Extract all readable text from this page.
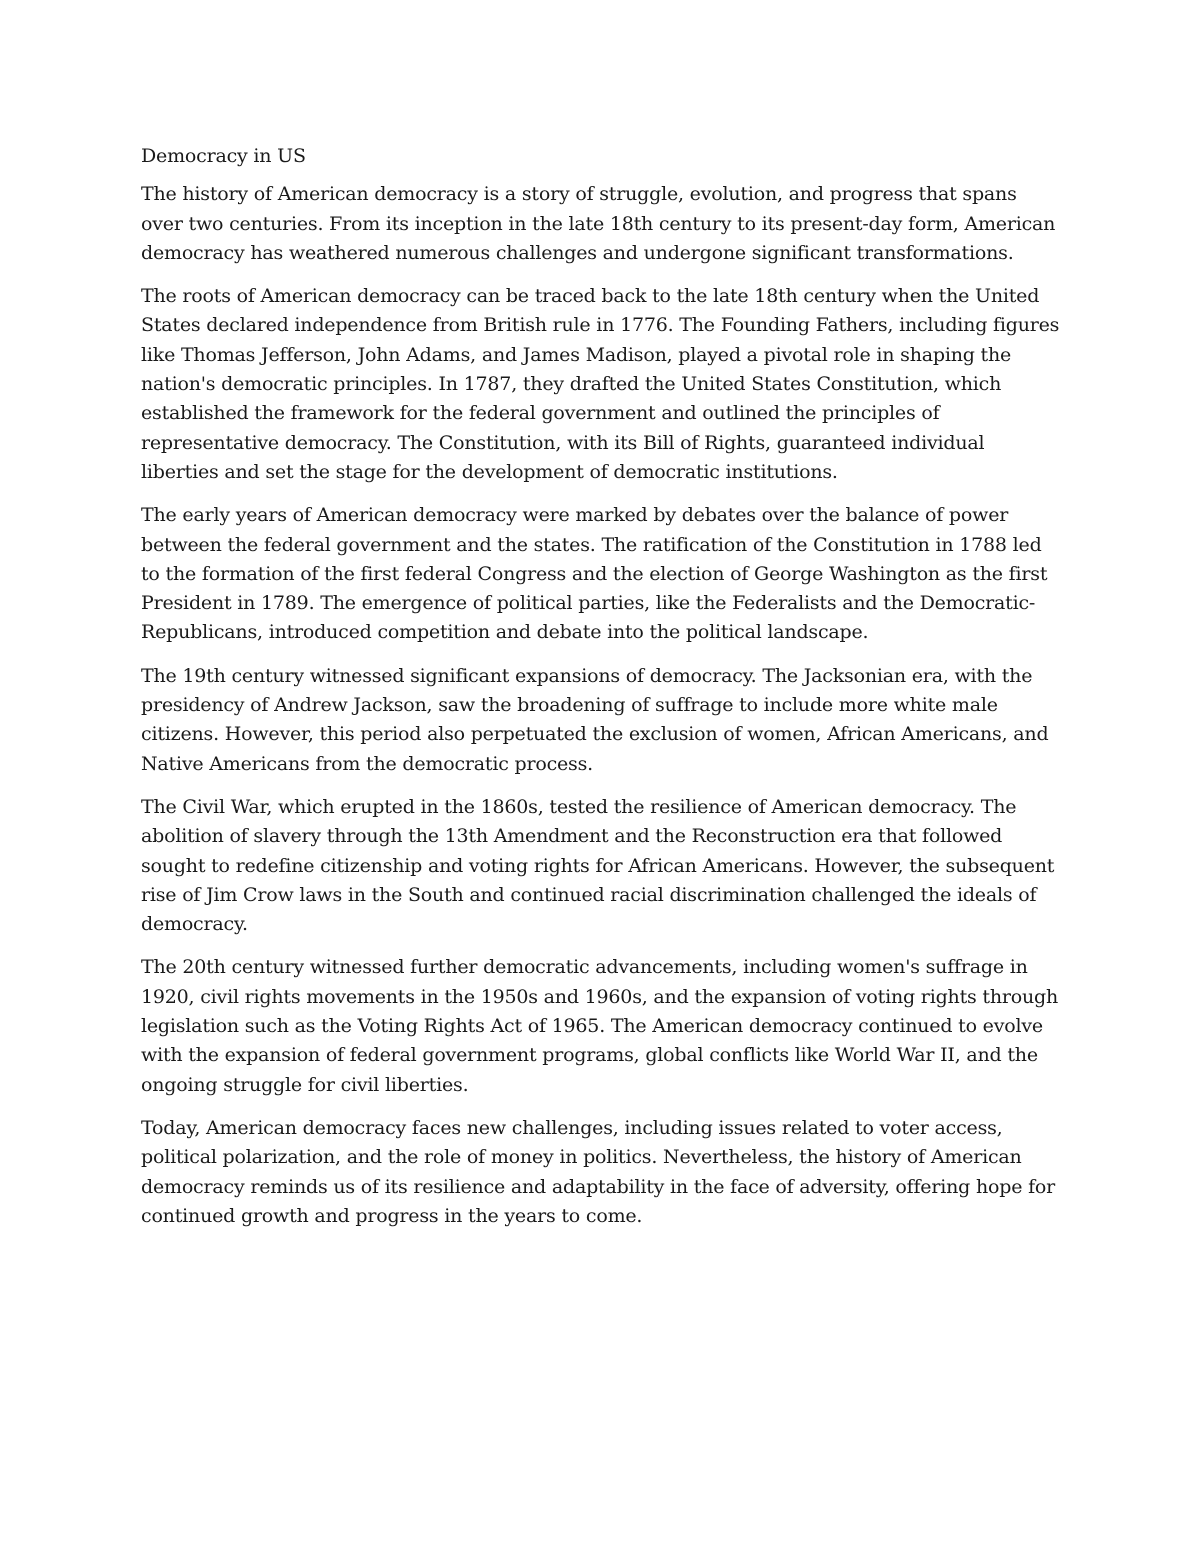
Democracy in US

The history of American democracy is a story of struggle, evolution, and progress that spans over two centuries. From its inception in the late 18th century to its present-day form, American democracy has weathered numerous challenges and undergone significant transformations.

The roots of American democracy can be traced back to the late 18th century when the United States declared independence from British rule in 1776. The Founding Fathers, including figures like Thomas Jefferson, John Adams, and James Madison, played a pivotal role in shaping the nation's democratic principles. In 1787, they drafted the United States Constitution, which established the framework for the federal government and outlined the principles of representative democracy. The Constitution, with its Bill of Rights, guaranteed individual liberties and set the stage for the development of democratic institutions.

The early years of American democracy were marked by debates over the balance of power between the federal government and the states. The ratification of the Constitution in 1788 led to the formation of the first federal Congress and the election of George Washington as the first President in 1789. The emergence of political parties, like the Federalists and the Democratic-Republicans, introduced competition and debate into the political landscape.

The 19th century witnessed significant expansions of democracy. The Jacksonian era, with the presidency of Andrew Jackson, saw the broadening of suffrage to include more white male citizens. However, this period also perpetuated the exclusion of women, African Americans, and Native Americans from the democratic process.

The Civil War, which erupted in the 1860s, tested the resilience of American democracy. The abolition of slavery through the 13th Amendment and the Reconstruction era that followed sought to redefine citizenship and voting rights for African Americans. However, the subsequent rise of Jim Crow laws in the South and continued racial discrimination challenged the ideals of democracy.

The 20th century witnessed further democratic advancements, including women's suffrage in 1920, civil rights movements in the 1950s and 1960s, and the expansion of voting rights through legislation such as the Voting Rights Act of 1965. The American democracy continued to evolve with the expansion of federal government programs, global conflicts like World War II, and the ongoing struggle for civil liberties.

Today, American democracy faces new challenges, including issues related to voter access, political polarization, and the role of money in politics. Nevertheless, the history of American democracy reminds us of its resilience and adaptability in the face of adversity, offering hope for continued growth and progress in the years to come.
